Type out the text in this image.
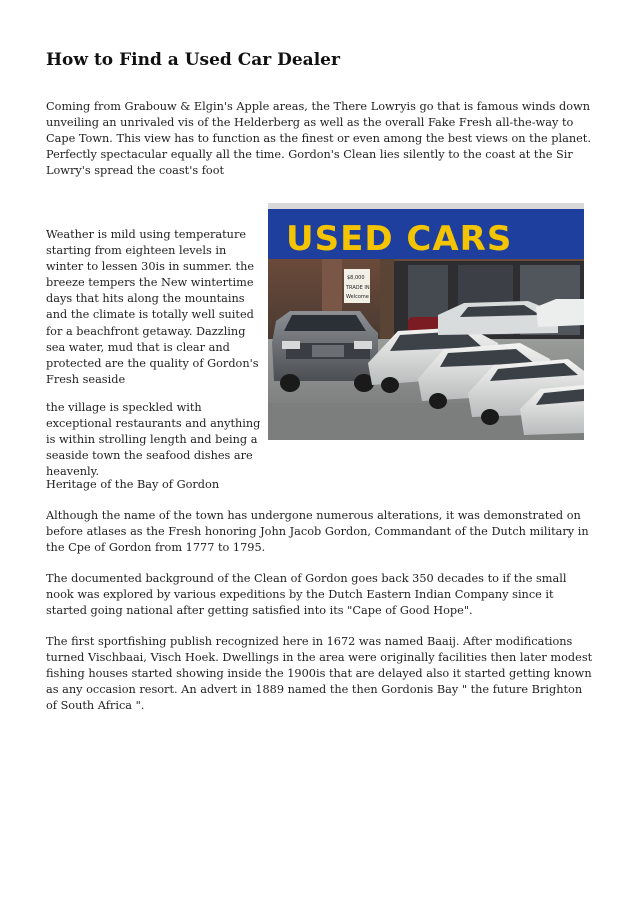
How to Find a Used Car Dealer

Coming from Grabouw & Elgin's Apple areas, the There Lowryis go that is famous winds down unveiling an unrivaled vis of the Helderberg as well as the overall Fake Fresh all-the-way to Cape Town. This view has to function as the finest or even among the best views on the planet. Perfectly spectacular equally all the time. Gordon's Clean lies silently to the coast at the Sir Lowry's spread the coast's foot

Weather is mild using temperature starting from eighteen levels in winter to lessen 30is in summer. the breeze tempers the New wintertime days that hits along the mountains and the climate is totally well suited for a beachfront getaway. Dazzling sea water, mud that is clear and protected are the quality of Gordon's Fresh seaside

the village is speckled with exceptional restaurants and anything is within strolling length and being a seaside town the seafood dishes are heavenly.

Heritage of the Bay of Gordon

Although the name of the town has undergone numerous alterations, it was demonstrated on before atlases as the Fresh honoring John Jacob Gordon, Commandant of the Dutch military in the Cpe of Gordon from 1777 to 1795.

The documented background of the Clean of Gordon goes back 350 decades to if the small nook was explored by various expeditions by the Dutch Eastern Indian Company since it started going national after getting satisfied into its "Cape of Good Hope".

The first sportfishing publish recognized here in 1672 was named Baaij. After modifications turned Vischbaai, Visch Hoek. Dwellings in the area were originally facilities then later modest fishing houses started showing inside the 1900is that are delayed also it started getting known as any occasion resort. An advert in 1889 named the then Gordonis Bay " the future Brighton of South Africa ".

USED CARS
$8,000
TRADE IN
Welcome
